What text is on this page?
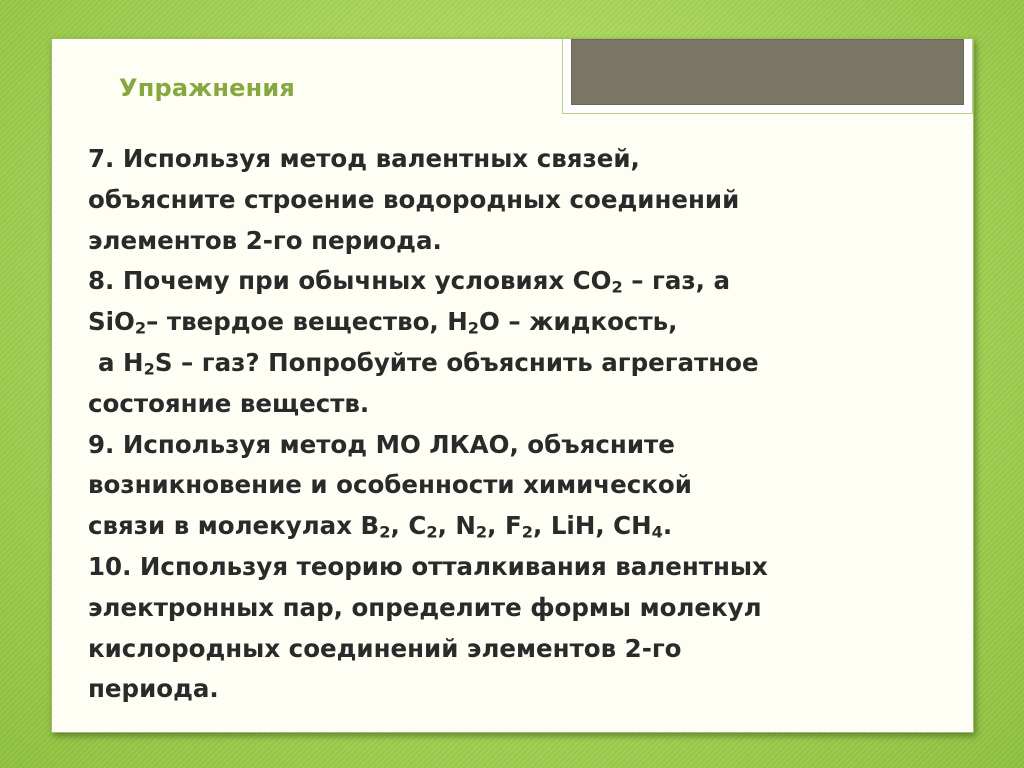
Упражнения
7. Используя метод валентных связей,
объясните строение водородных соединений
элементов 2-го периода.
8. Почему при обычных условиях $CO_2$ – газ, а
SiO$_2$– твердое вещество, $H_2O$ – жидкость,
а $H_2S$ – газ? Попробуйте объяснить агрегатное
состояние веществ.
9. Используя метод МО ЛКАО, объясните
возникновение и особенности химической
связи в молекулах $B_2$, $C_2$, $N_2$, $F_2$, LiH, $CH_4$.
10. Используя теорию отталкивания валентных
электронных пар, определите формы молекул
кислородных соединений элементов 2-го
периода.
